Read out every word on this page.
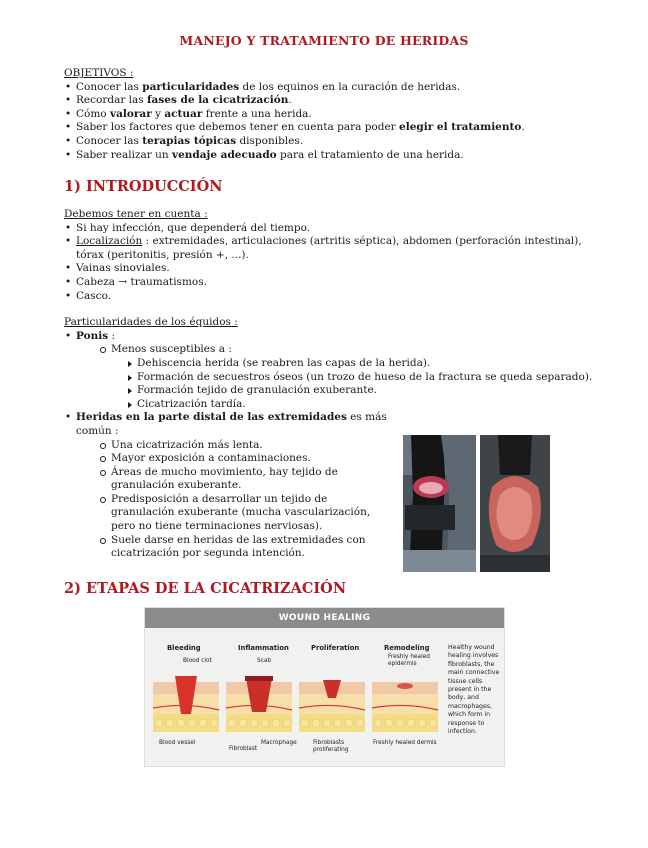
MANEJO Y TRATAMIENTO DE HERIDAS
OBJETIVOS :
• Conocer las particularidades de los equinos en la curación de heridas.
• Recordar las fases de la cicatrización.
• Cómo valorar y actuar frente a una herida.
• Saber los factores que debemos tener en cuenta para poder elegir el tratamiento.
• Conocer las terapias tópicas disponibles.
• Saber realizar un vendaje adecuado para el tratamiento de una herida.
1) INTRODUCCIÓN
Debemos tener en cuenta :
• Si hay infección, que dependerá del tiempo.
• Localización : extremidades, articulaciones (artritis séptica), abdomen (perforación intestinal), tórax (peritonitis, presión +, ...).
• Vainas sinoviales.
• Cabeza → traumatismos.
• Casco.
Particularidades de los équidos :
• Ponis :
Menos susceptibles a :
Dehiscencia herida (se reabren las capas de la herida).
Formación de secuestros óseos (un trozo de hueso de la fractura se queda separado).
Formación tejido de granulación exuberante.
Cicatrización tardía.
• Heridas en la parte distal de las extremidades es más común :
Una cicatrización más lenta.
Mayor exposición a contaminaciones.
Áreas de mucho movimiento, hay tejido de granulación exuberante.
Predisposición a desarrollar un tejido de granulación exuberante (mucha vascularización, pero no tiene terminaciones nerviosas).
Suele darse en heridas de las extremidades con cicatrización por segunda intención.
2) ETAPAS DE LA CICATRIZACIÓN
WOUND HEALING
Bleeding	Inflammation	Proliferation	Remodeling
Blood clot	Scab
Freshly healed epidermis
Blood vessel
Fibroblast
Macrophage	Fibroblasts proliferating
Freshly healed dermis
Healthy wound healing involves fibroblasts, the main connective tissue cells present in the body, and macrophages, which form in response to infection.
